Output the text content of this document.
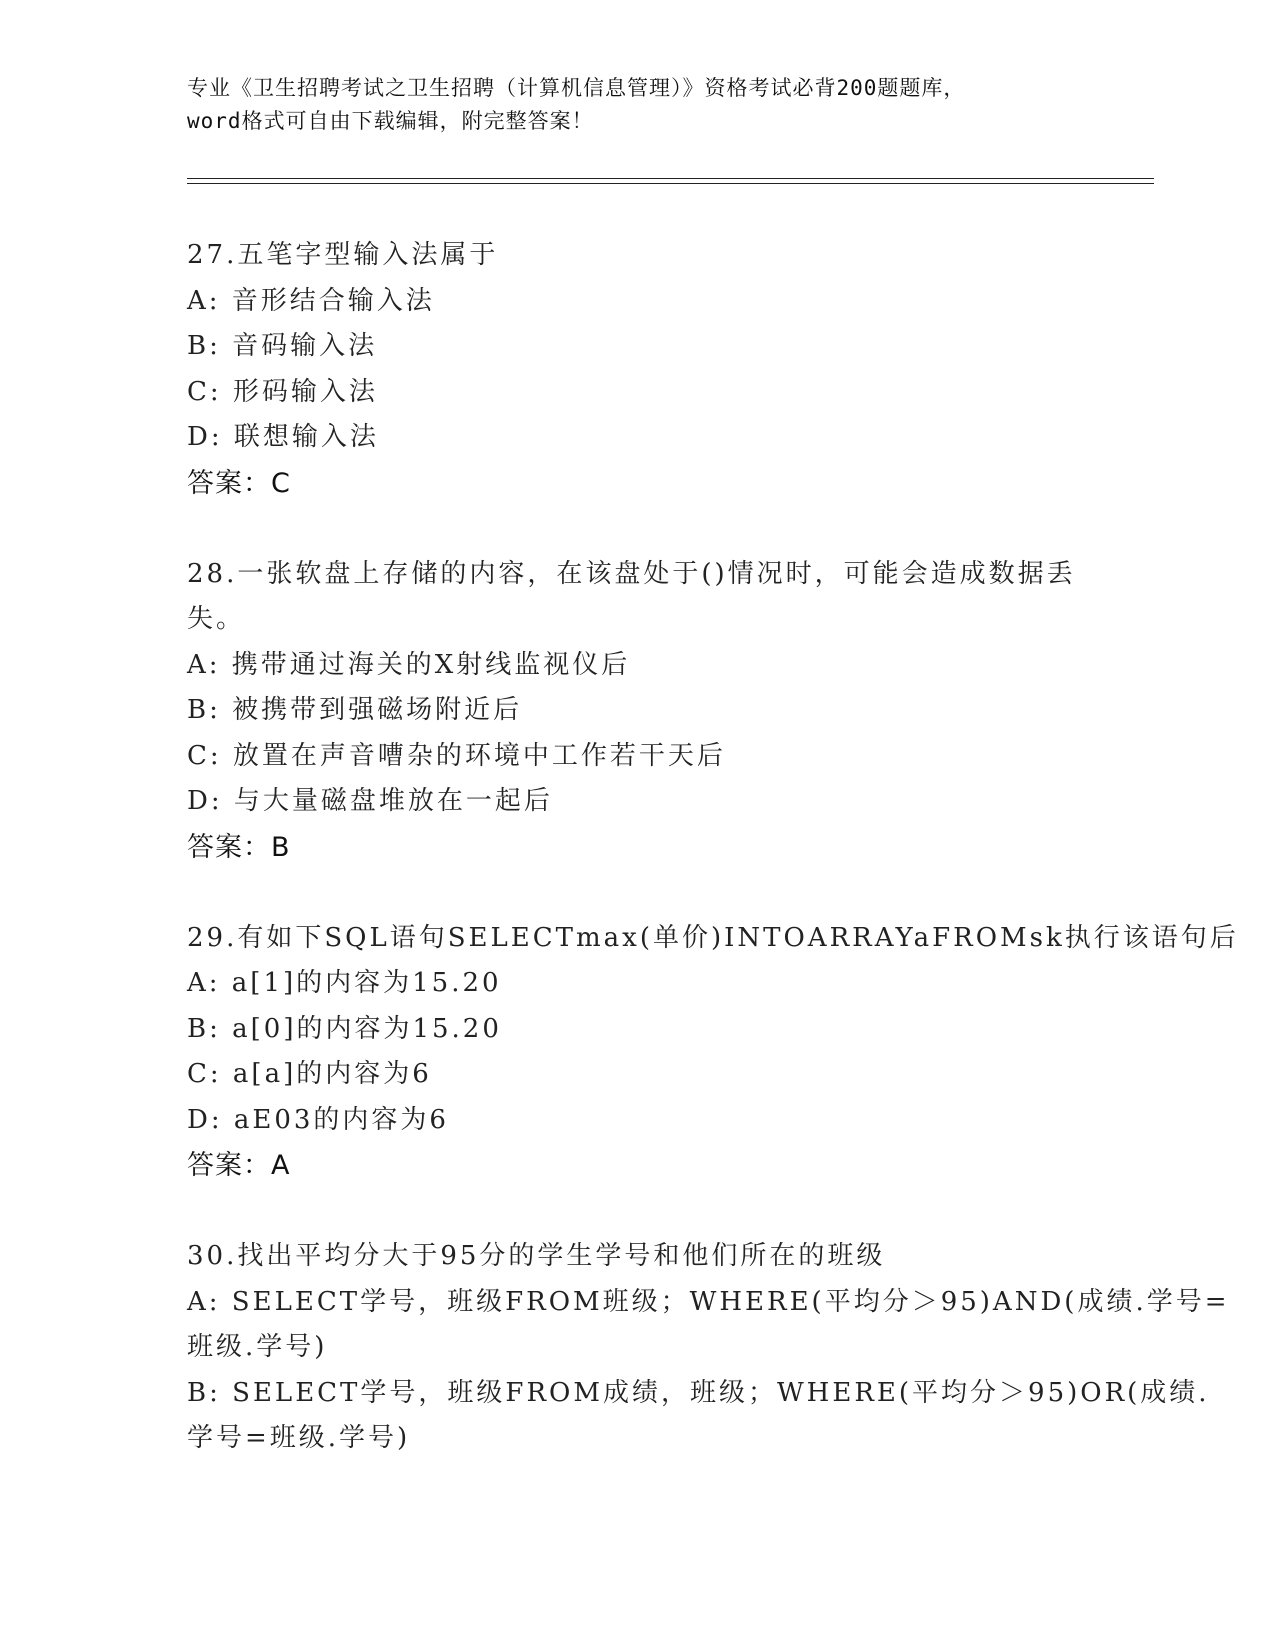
专业《卫生招聘考试之卫生招聘（计算机信息管理）》资格考试必背200题题库，
word格式可自由下载编辑，附完整答案！
27.五笔字型输入法属于
A: 音形结合输入法
B: 音码输入法
C: 形码输入法
D: 联想输入法
答案：C
28.一张软盘上存储的内容，在该盘处于()情况时，可能会造成数据丢
失。
A: 携带通过海关的X射线监视仪后
B: 被携带到强磁场附近后
C: 放置在声音嘈杂的环境中工作若干天后
D: 与大量磁盘堆放在一起后
答案：B
29.有如下SQL语句SELECTmax(单价)INTOARRAYaFROMsk执行该语句后
A: a[1]的内容为15.20
B: a[0]的内容为15.20
C: a[a]的内容为6
D: aE03的内容为6
答案：A
30.找出平均分大于95分的学生学号和他们所在的班级
A: SELECT学号，班级FROM班级；WHERE(平均分＞95)AND(成绩.学号=
班级.学号)
B: SELECT学号，班级FROM成绩，班级；WHERE(平均分＞95)OR(成绩.
学号=班级.学号)
